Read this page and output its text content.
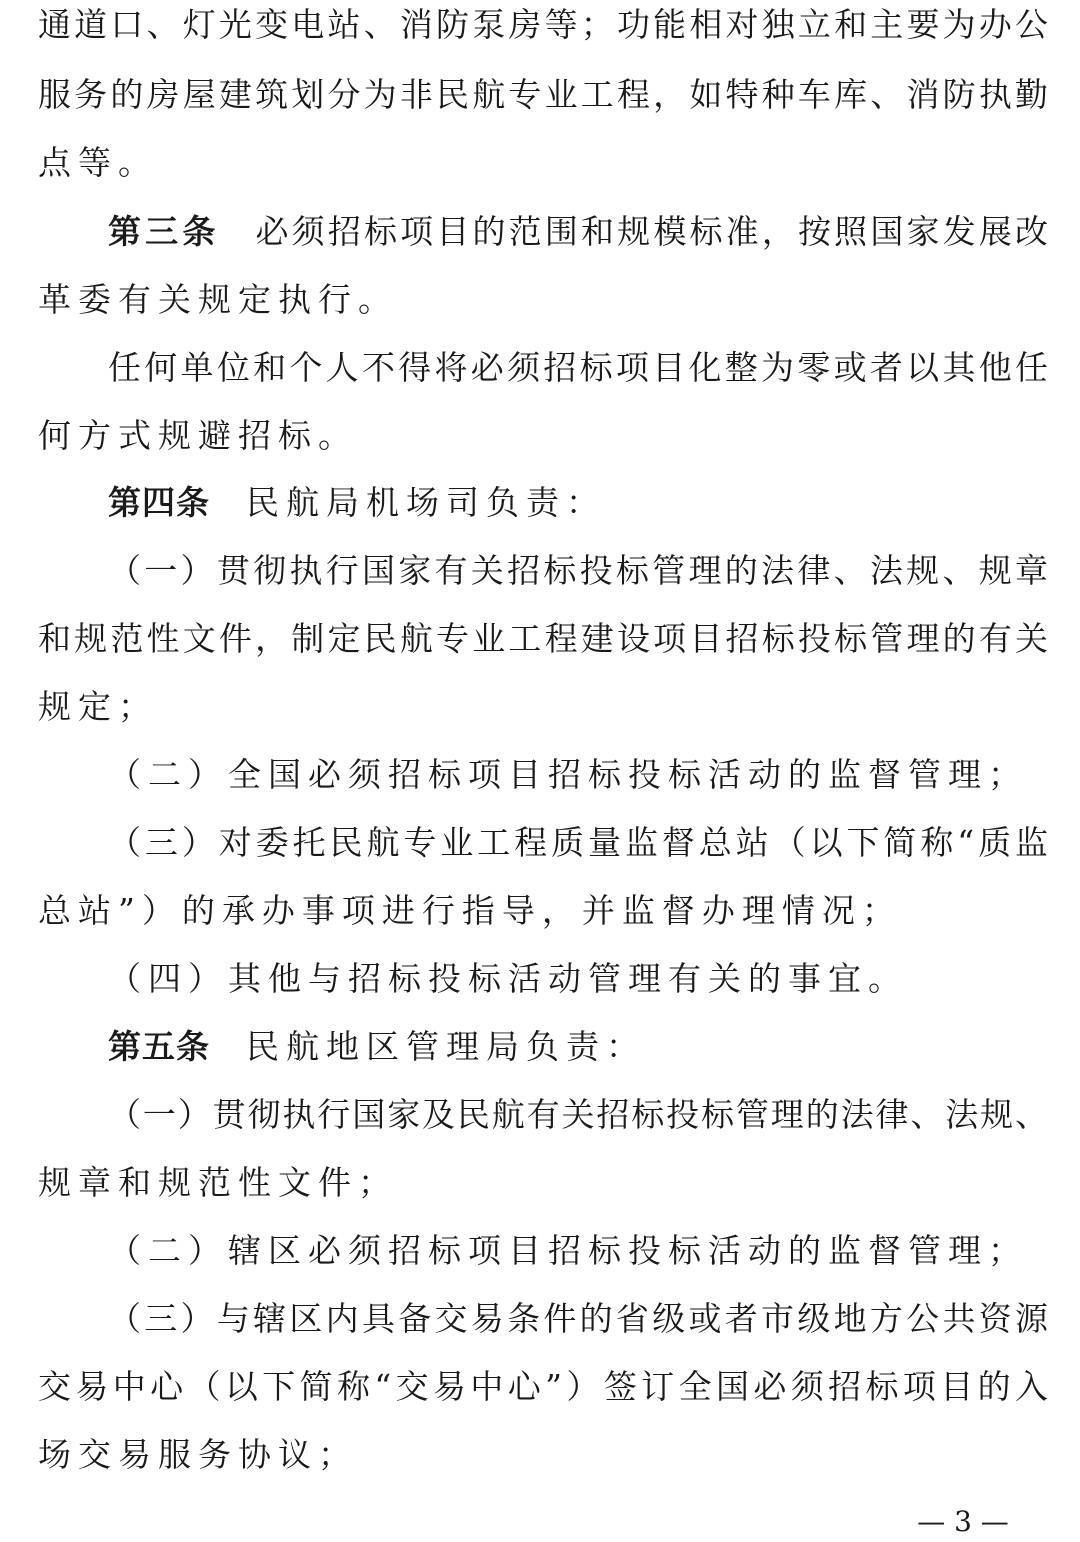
通道口、灯光变电站、消防泵房等；功能相对独立和主要为办公
服务的房屋建筑划分为非民航专业工程，如特种车库、消防执勤
点等。
第三条 必须招标项目的范围和规模标准，按照国家发展改
革委有关规定执行。
任何单位和个人不得将必须招标项目化整为零或者以其他任
何方式规避招标。
第四条 民航局机场司负责：
（一）贯彻执行国家有关招标投标管理的法律、法规、规章
和规范性文件，制定民航专业工程建设项目招标投标管理的有关
规定；
（二）全国必须招标项目招标投标活动的监督管理；
（三）对委托民航专业工程质量监督总站（以下简称“质监
总站”）的承办事项进行指导，并监督办理情况；
（四）其他与招标投标活动管理有关的事宜。
第五条 民航地区管理局负责：
（一）贯彻执行国家及民航有关招标投标管理的法律、法规、
规章和规范性文件；
（二）辖区必须招标项目招标投标活动的监督管理；
（三）与辖区内具备交易条件的省级或者市级地方公共资源
交易中心（以下简称“交易中心”）签订全国必须招标项目的入
场交易服务协议；
— 3 —
